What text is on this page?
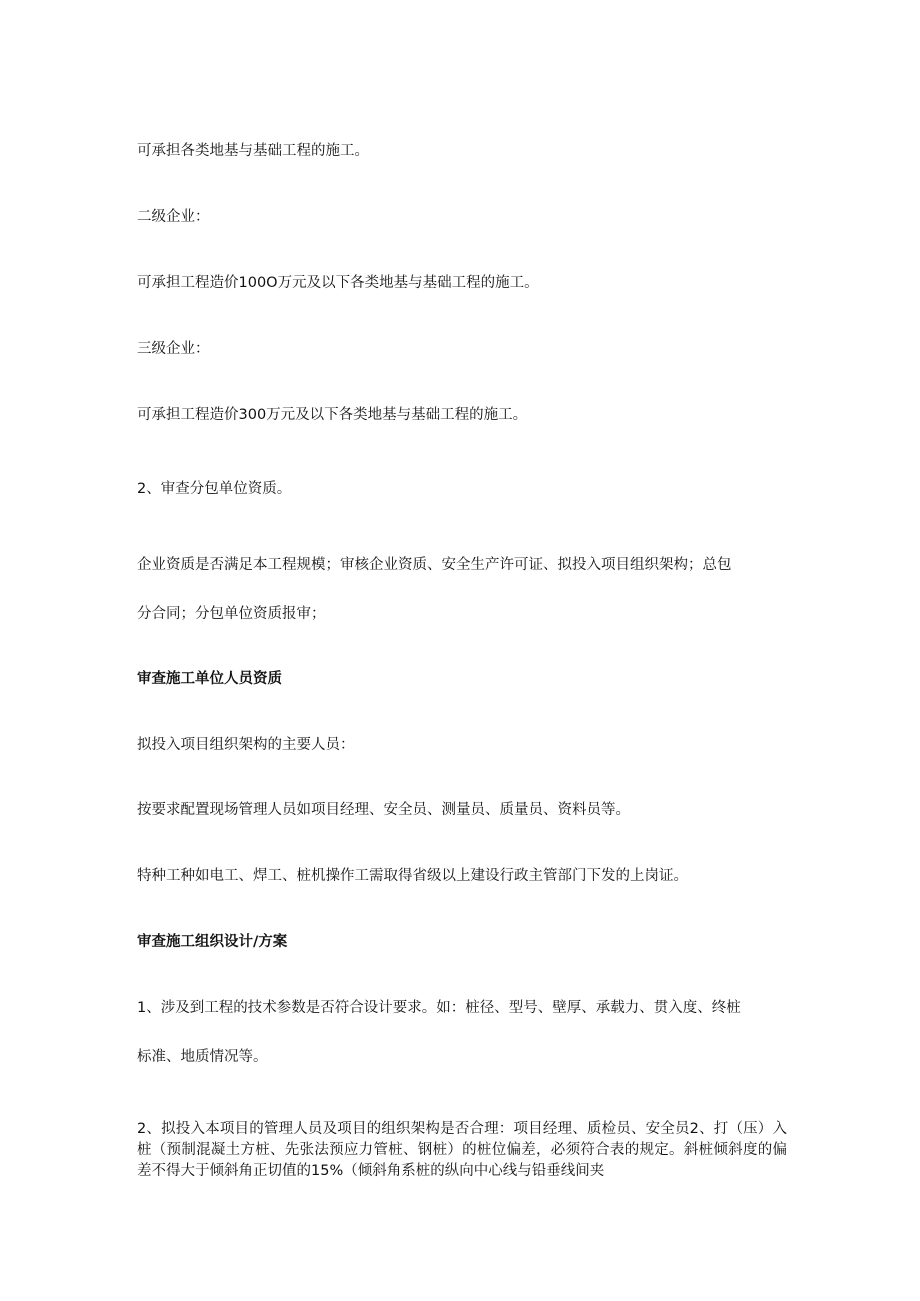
可承担各类地基与基础工程的施工。

二级企业：

可承担工程造价100O万元及以下各类地基与基础工程的施工。

三级企业：

可承担工程造价300万元及以下各类地基与基础工程的施工。

2、审查分包单位资质。

企业资质是否满足本工程规模；审核企业资质、安全生产许可证、拟投入项目组织架构；总包

分合同；分包单位资质报审；

审查施工单位人员资质

拟投入项目组织架构的主要人员：

按要求配置现场管理人员如项目经理、安全员、测量员、质量员、资料员等。

特种工种如电工、焊工、桩机操作工需取得省级以上建设行政主管部门下发的上岗证。

审查施工组织设计/方案

1、涉及到工程的技术参数是否符合设计要求。如：桩径、型号、壁厚、承载力、贯入度、终桩

标准、地质情况等。

2、拟投入本项目的管理人员及项目的组织架构是否合理：项目经理、质检员、安全员2、打（压）入桩（预制混凝土方桩、先张法预应力管桩、钢桩）的桩位偏差，必须符合表的规定。斜桩倾斜度的偏差不得大于倾斜角正切值的15%（倾斜角系桩的纵向中心线与铅垂线间夹
